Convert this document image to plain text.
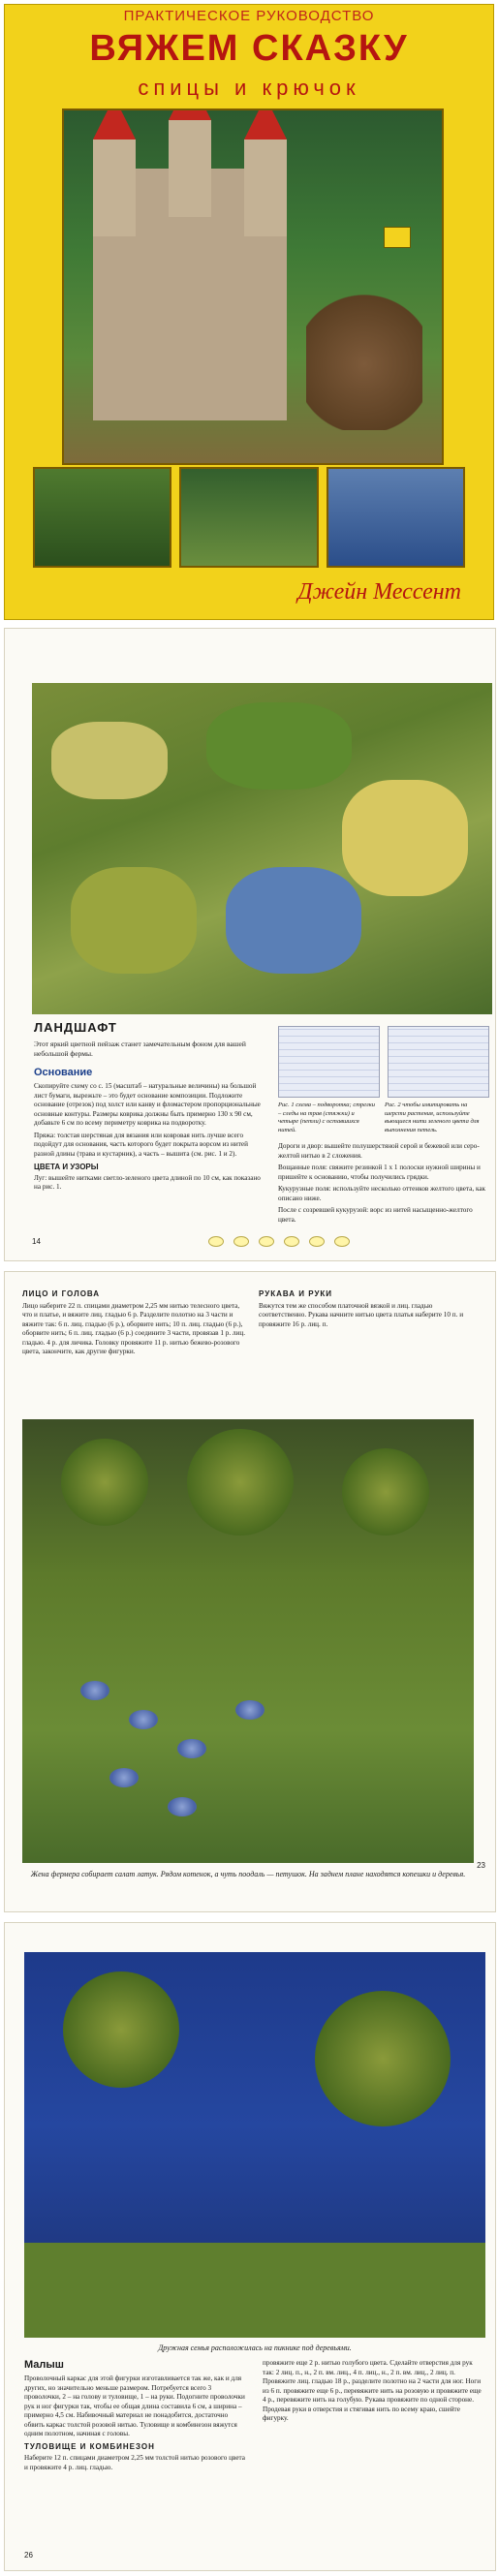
ПРАКТИЧЕСКОЕ РУКОВОДСТВО
ВЯЖЕМ СКАЗКУ
спицы и крючок
Джейн Мессент
ЛАНДШАФТ
Этот яркий цветной пейзаж станет замечательным фоном для вашей небольшой фермы.
Основание

Скопируйте схему со с. 15 (масштаб – натуральные величины) на большой лист бумаги, вырежьте – это будет основание композиции. Подложите основание (отрезок) под холст или канву и фломастером пропорциональные основные контуры. Размеры коврика должны быть примерно 130 х 90 см, добавьте 6 см по всему периметру коврика на подворотку.

Пряжа: толстая шерстяная для вязания или ковровая нить лучше всего подойдут для основания, часть которого будет покрыта ворсом из нитей разной длины (трава и кустарник), а часть – вышита (см. рис. 1 и 2).

ЦВЕТА И УЗОРЫ

Луг: вышейте нитками светло-зеленого цвета длиной по 10 см, как показано на рис. 1.

Рис. 1 схема – подворотка; стрелки – следы на трав (стяжки) и четыре (петли) с оставшихся нитей.
Рис. 2 чтобы имитировать на шерсти растения, используйте вьющиеся нити зеленого цвета для выполнения петель.

Дороги и двор: вышейте полушерстяной серой и бежевой или серо-желтой нитью в 2 сложения.

Вощанные поля: свяжите резинкой 1 х 1 полоски нужной ширины и пришейте к основанию, чтобы получились грядки.

Кукурузные поля: используйте несколько оттенков желтого цвета, как описано ниже.

После с созревшей кукурузой: ворс из нитей насыщенно-желтого цвета.

14
ЛИЦО И ГОЛОВА

Лицо наберите 22 п. спицами диаметром 2,25 мм нитью телесного цвета, что и платье, и вяжите лиц. гладью 6 р. Разделите полотно на 3 части и вяжите так: 6 п. лиц. гладью (6 р.), оборвите нить; 10 п. лиц. гладью (6 р.), оборвите нить; 6 п. лиц. гладью (6 р.) соедините 3 части, провязав 1 р. лиц. гладью. 4 р. для личика. Головку провяжите 11 р. нитью бежево-розового цвета, закончите, как другие фигурки.

РУКАВА И РУКИ

Вяжутся тем же способом платочной вязкой и лиц. гладью соответственно. Рукава начните нитью цвета платья наберите 10 п. и провяжите 16 р. лиц. п.

Жена фермера собирает салат латук. Рядом котенок, а чуть поодаль — петушок. На заднем плане находятся копешки и деревья.
23
Дружная семья расположилась на пикнике под деревьями.
Малыш

Проволочный каркас для этой фигурки изготавливается так же, как и для других, но значительно меньше размером. Потребуется всего 3 проволочки, 2 – на голову и туловище, 1 – на руки. Подогните проволочки рук и ног фигурки так, чтобы ее общая длина составила 6 см, а ширина – примерно 4,5 см. Набивочный материал не понадобится, достаточно обвить каркас толстой розовой нитью. Туловище и комбинезон вяжутся одним полотном, начиная с головы.

ТУЛОВИЩЕ И КОМБИНЕЗОН

Наберите 12 п. спицами диаметром 2,25 мм толстой нитью розового цвета и провяжите 4 р. лиц. гладью.

провяжите еще 2 р. нитью голубого цвета. Сделайте отверстия для рук так: 2 лиц. п., н., 2 п. вм. лиц., 4 п. лиц., н., 2 п. вм. лиц., 2 лиц. п. Провяжите лиц. гладью 18 р., разделите полотно на 2 части для ног. Ноги из 6 п. провяжите еще 6 р., перевяжите нить на розовую и провяжите еще 4 р., перевяжите нить на голубую. Рукава провяжите по одной стороне. Продевая руки в отверстия и стягивая нить по всему краю, сшейте фигурку.

26
